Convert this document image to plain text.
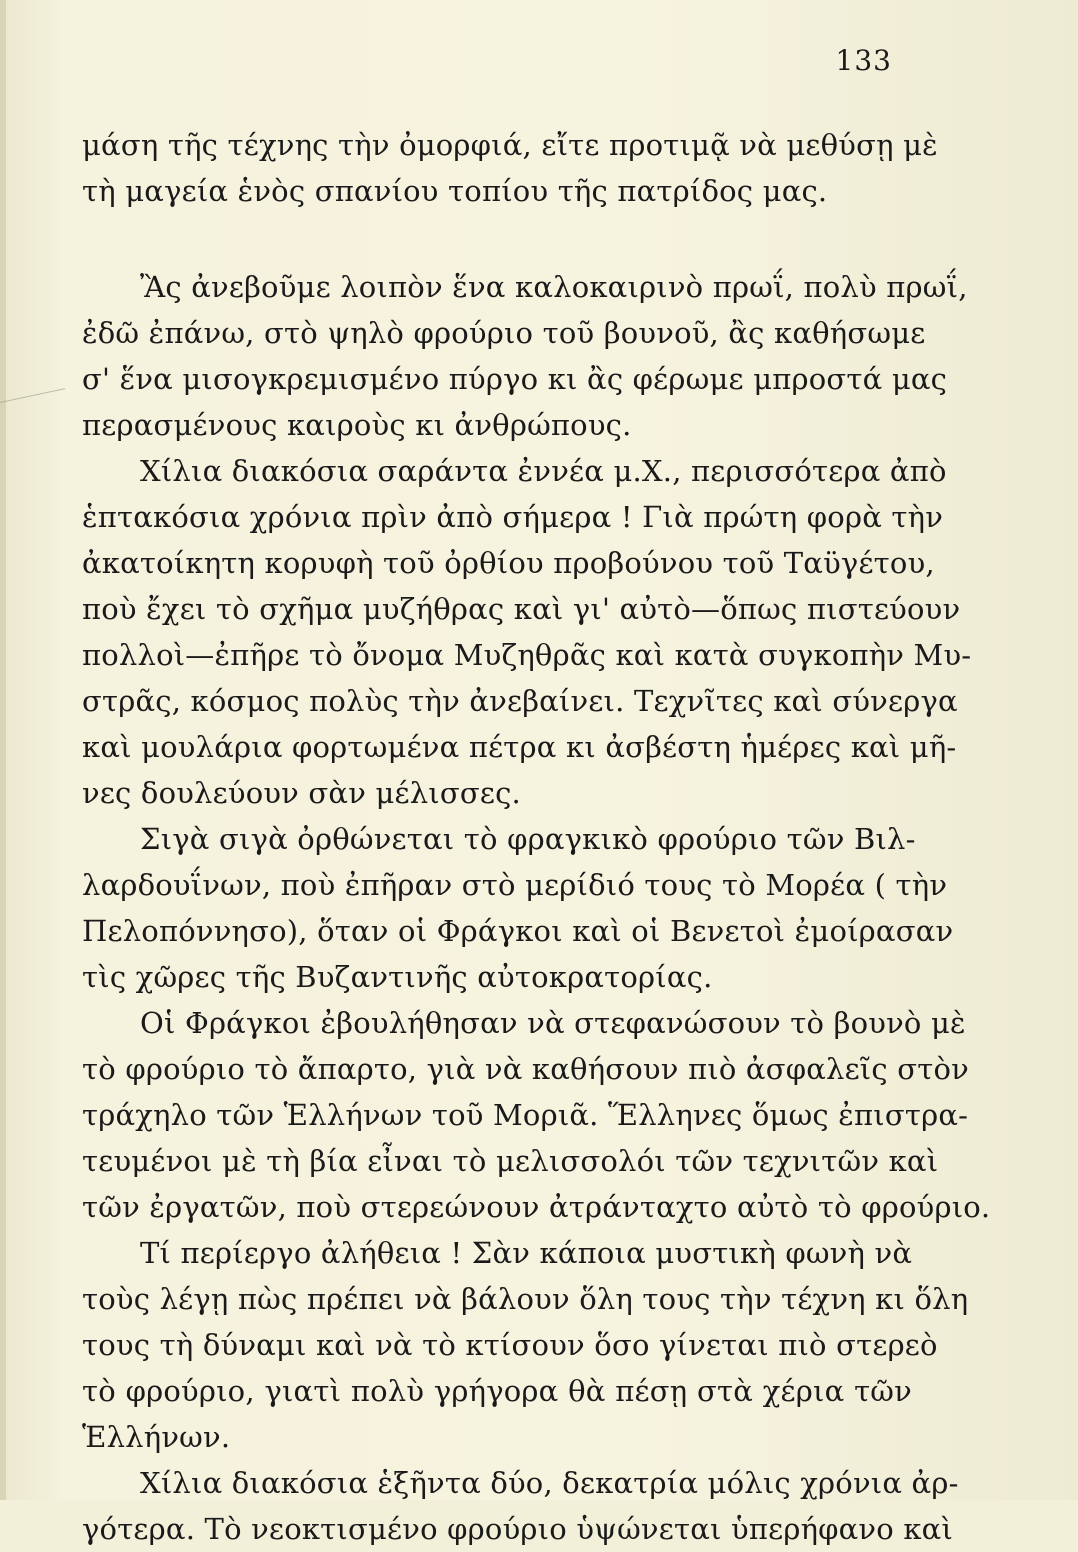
133
μάση τῆς τέχνης τὴν ὀμορφιά, εἴτε προτιμᾷ νὰ μεθύσῃ μὲ
τὴ μαγεία ἑνὸς σπανίου τοπίου τῆς πατρίδος μας.
Ἂς ἀνεβοῦμε λοιπὸν ἕνα καλοκαιρινὸ πρωΐ, πολὺ πρωΐ,
ἐδῶ ἐπάνω, στὸ ψηλὸ φρούριο τοῦ βουνοῦ, ἂς καθήσωμε
σ' ἕνα μισογκρεμισμένο πύργο κι ἂς φέρωμε μπροστά μας
περασμένους καιροὺς κι ἀνθρώπους.
Χίλια διακόσια σαράντα ἐννέα μ.Χ., περισσότερα ἀπὸ
ἑπτακόσια χρόνια πρὶν ἀπὸ σήμερα ! Γιὰ πρώτη φορὰ τὴν
ἀκατοίκητη κορυφὴ τοῦ ὀρθίου προβούνου τοῦ Ταϋγέτου,
ποὺ ἔχει τὸ σχῆμα μυζήθρας καὶ γι' αὐτὸ—ὅπως πιστεύουν
πολλοὶ—ἐπῆρε τὸ ὄνομα Μυζηθρᾶς καὶ κατὰ συγκοπὴν Μυ-
στρᾶς, κόσμος πολὺς τὴν ἀνεβαίνει. Τεχνῖτες καὶ σύνεργα
καὶ μουλάρια φορτωμένα πέτρα κι ἀσβέστη ἡμέρες καὶ μῆ-
νες δουλεύουν σὰν μέλισσες.
Σιγὰ σιγὰ ὀρθώνεται τὸ φραγκικὸ φρούριο τῶν Βιλ-
λαρδουΐνων, ποὺ ἐπῆραν στὸ μερίδιό τους τὸ Μορέα ( τὴν
Πελοπόννησο), ὅταν οἱ Φράγκοι καὶ οἱ Βενετοὶ ἐμοίρασαν
τὶς χῶρες τῆς Βυζαντινῆς αὐτοκρατορίας.
Οἱ Φράγκοι ἐβουλήθησαν νὰ στεφανώσουν τὸ βουνὸ μὲ
τὸ φρούριο τὸ ἄπαρτο, γιὰ νὰ καθήσουν πιὸ ἀσφαλεῖς στὸν
τράχηλο τῶν Ἑλλήνων τοῦ Μοριᾶ. Ἕλληνες ὅμως ἐπιστρα-
τευμένοι μὲ τὴ βία εἶναι τὸ μελισσολόι τῶν τεχνιτῶν καὶ
τῶν ἐργατῶν, ποὺ στερεώνουν ἀτράνταχτο αὐτὸ τὸ φρούριο.
Τί περίεργο ἀλήθεια ! Σὰν κάποια μυστικὴ φωνὴ νὰ
τοὺς λέγῃ πὼς πρέπει νὰ βάλουν ὅλη τους τὴν τέχνη κι ὅλη
τους τὴ δύναμι καὶ νὰ τὸ κτίσουν ὅσο γίνεται πιὸ στερεὸ
τὸ φρούριο, γιατὶ πολὺ γρήγορα θὰ πέσῃ στὰ χέρια τῶν
Ἑλλήνων.
Χίλια διακόσια ἑξῆντα δύο, δεκατρία μόλις χρόνια ἀρ-
γότερα. Τὸ νεοκτισμένο φρούριο ὑψώνεται ὑπερήφανο καὶ
